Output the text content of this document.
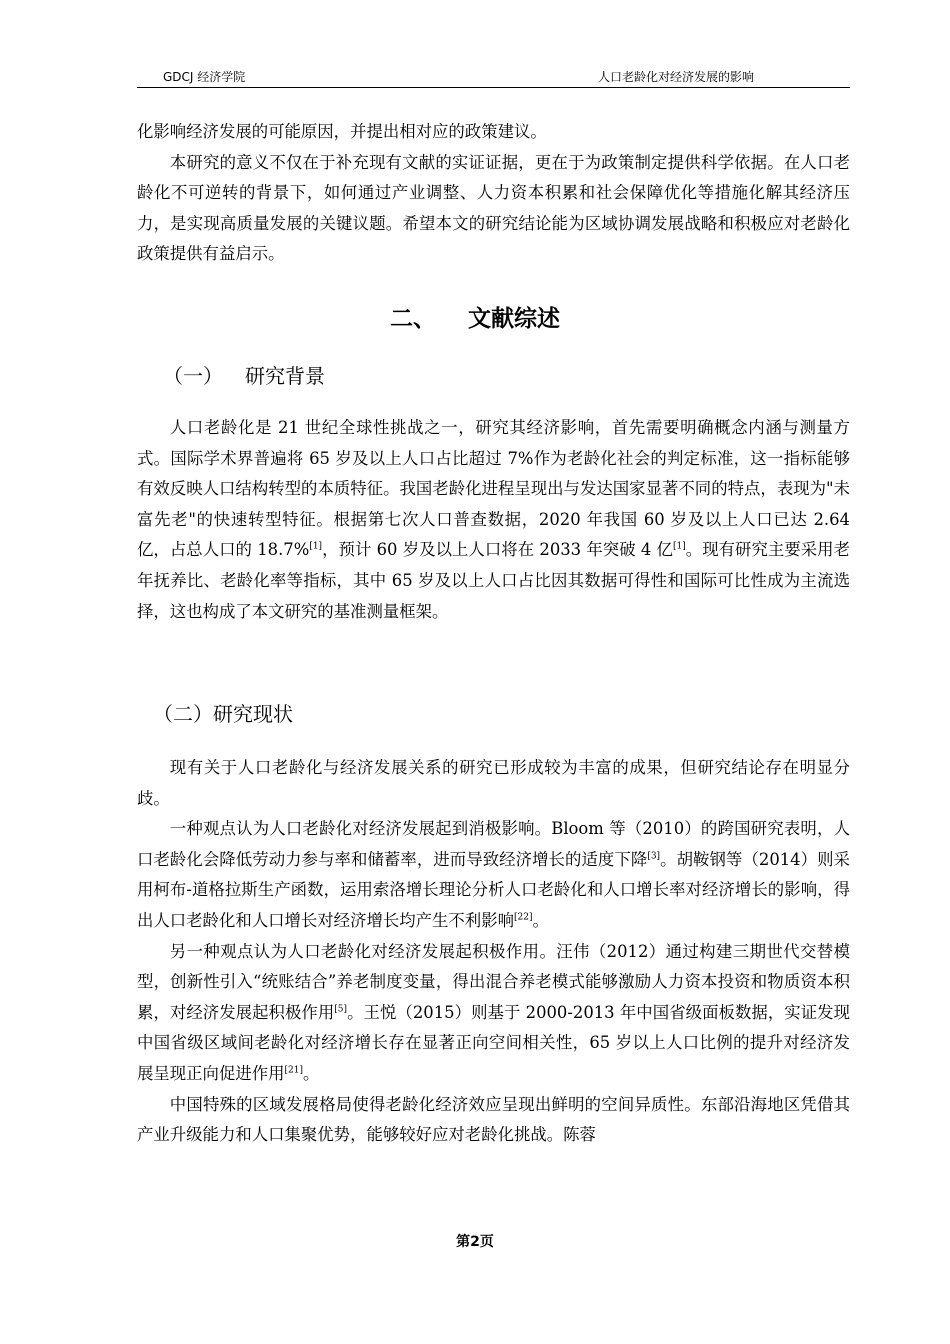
GDCJ 经济学院	人口老龄化对经济发展的影响

化影响经济发展的可能原因，并提出相对应的政策建议。

本研究的意义不仅在于补充现有文献的实证证据，更在于为政策制定提供科学依据。在人口老龄化不可逆转的背景下，如何通过产业调整、人力资本积累和社会保障优化等措施化解其经济压力，是实现高质量发展的关键议题。希望本文的研究结论能为区域协调发展战略和积极应对老龄化政策提供有益启示。

二、 文献综述
（一） 研究背景

人口老龄化是 21 世纪全球性挑战之一，研究其经济影响，首先需要明确概念内涵与测量方式。国际学术界普遍将 65 岁及以上人口占比超过 7%作为老龄化社会的判定标准，这一指标能够有效反映人口结构转型的本质特征。我国老龄化进程呈现出与发达国家显著不同的特点，表现为"未富先老"的快速转型特征。根据第七次人口普查数据，2020 年我国 60 岁及以上人口已达 2.64 亿，占总人口的 18.7%[1]，预计 60 岁及以上人口将在 2033 年突破 4 亿[1]。现有研究主要采用老年抚养比、老龄化率等指标，其中 65 岁及以上人口占比因其数据可得性和国际可比性成为主流选择，这也构成了本文研究的基准测量框架。

（二）研究现状

现有关于人口老龄化与经济发展关系的研究已形成较为丰富的成果，但研究结论存在明显分歧。

一种观点认为人口老龄化对经济发展起到消极影响。Bloom 等（2010）的跨国研究表明，人口老龄化会降低劳动力参与率和储蓄率，进而导致经济增长的适度下降[3]。胡鞍钢等（2014）则采用柯布-道格拉斯生产函数，运用索洛增长理论分析人口老龄化和人口增长率对经济增长的影响，得出人口老龄化和人口增长对经济增长均产生不利影响[22]。

另一种观点认为人口老龄化对经济发展起积极作用。汪伟（2012）通过构建三期世代交替模型，创新性引入“统账结合”养老制度变量，得出混合养老模式能够激励人力资本投资和物质资本积累，对经济发展起积极作用[5]。王悦（2015）则基于 2000-2013 年中国省级面板数据，实证发现中国省级区域间老龄化对经济增长存在显著正向空间相关性，65 岁以上人口比例的提升对经济发展呈现正向促进作用[21]。

中国特殊的区域发展格局使得老龄化经济效应呈现出鲜明的空间异质性。东部沿海地区凭借其产业升级能力和人口集聚优势，能够较好应对老龄化挑战。陈蓉

第2页
